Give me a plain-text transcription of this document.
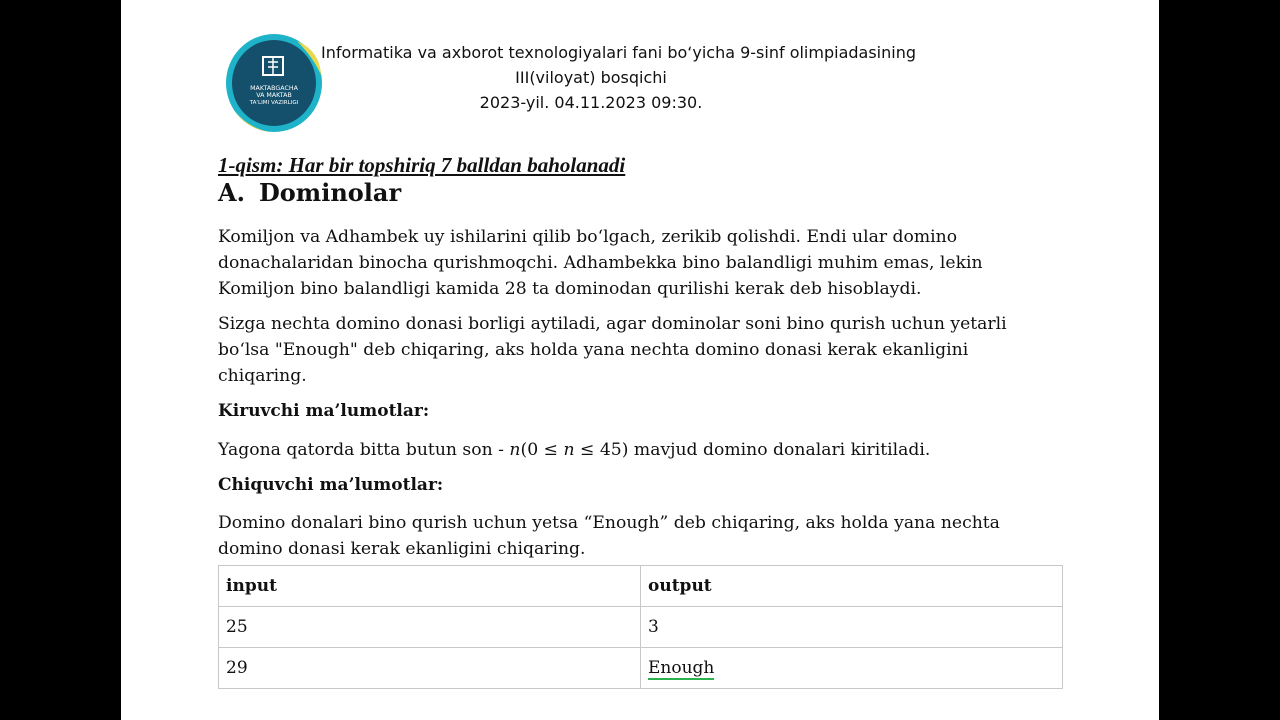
MAKTABGACHA
VA MAKTAB
TA'LIMI VAZIRLIGI
Informatika va axborot texnologiyalari fani bo‘yicha 9-sinf olimpiadasining
III(viloyat) bosqichi
2023-yil. 04.11.2023 09:30.
1-qism: Har bir topshiriq 7 balldan baholanadi
A. Dominolar
Komiljon va Adhambek uy ishilarini qilib bo‘lgach, zerikib qolishdi. Endi ular domino donachalaridan binocha qurishmoqchi. Adhambekka bino balandligi muhim emas, lekin Komiljon bino balandligi kamida 28 ta dominodan qurilishi kerak deb hisoblaydi.
Sizga nechta domino donasi borligi aytiladi, agar dominolar soni bino qurish uchun yetarli bo‘lsa "Enough" deb chiqaring, aks holda yana nechta domino donasi kerak ekanligini chiqaring.
Kiruvchi ma’lumotlar:
Yagona qatorda bitta butun son - n(0 ≤ n ≤ 45) mavjud domino donalari kiritiladi.
Chiquvchi ma’lumotlar:
Domino donalari bino qurish uchun yetsa “Enough” deb chiqaring, aks holda yana nechta domino donasi kerak ekanligini chiqaring.
input	output
25	3
29	Enough
